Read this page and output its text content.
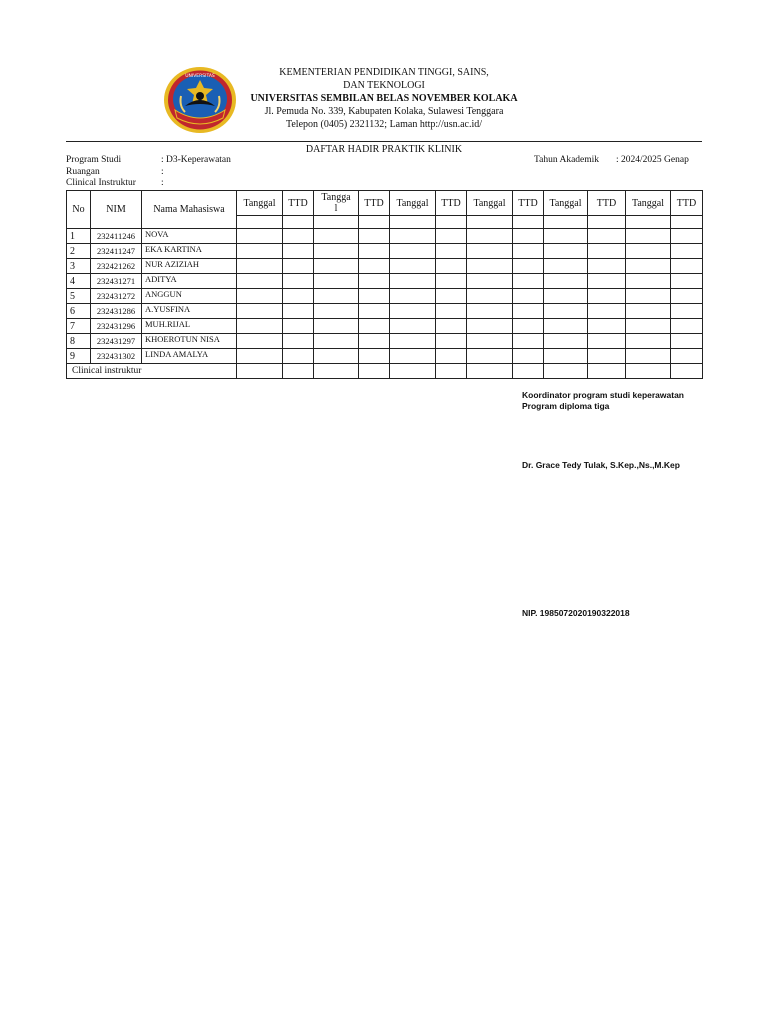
UNIVERSITAS	KEMENTERIAN PENDIDIKAN TINGGI, SAINS,
DAN TEKNOLOGI
UNIVERSITAS SEMBILAN BELAS NOVEMBER KOLAKA
Jl. Pemuda No. 339, Kabupaten Kolaka, Sulawesi Tenggara
Telepon (0405) 2321132; Laman http://usn.ac.id/
DAFTAR HADIR PRAKTIK KLINIK
Program Studi	: D3-Keperawatan
Ruangan	:
Clinical Instruktur	:
Tahun Akademik : 2024/2025 Genap
No	NIM	Nama Mahasiswa	Tanggal	TTD	Tangga l	TTD	Tanggal	TTD	Tanggal	TTD	Tanggal	TTD	Tanggal	TTD

1	232411246	NOVA												
2	232411247	EKA KARTINA												
3	232421262	NUR AZIZIAH												
4	232431271	ADITYA												
5	232431272	ANGGUN												
6	232431286	A.YUSFINA												
7	232431296	MUH.RIJAL												
8	232431297	KHOEROTUN NISA												
9	232431302	LINDA AMALYA												
Clinical instruktur														
Koordinator program studi keperawatan
Program diploma tiga
Dr. Grace Tedy Tulak, S.Kep.,Ns.,M.Kep
NIP. 1985072020190322018
